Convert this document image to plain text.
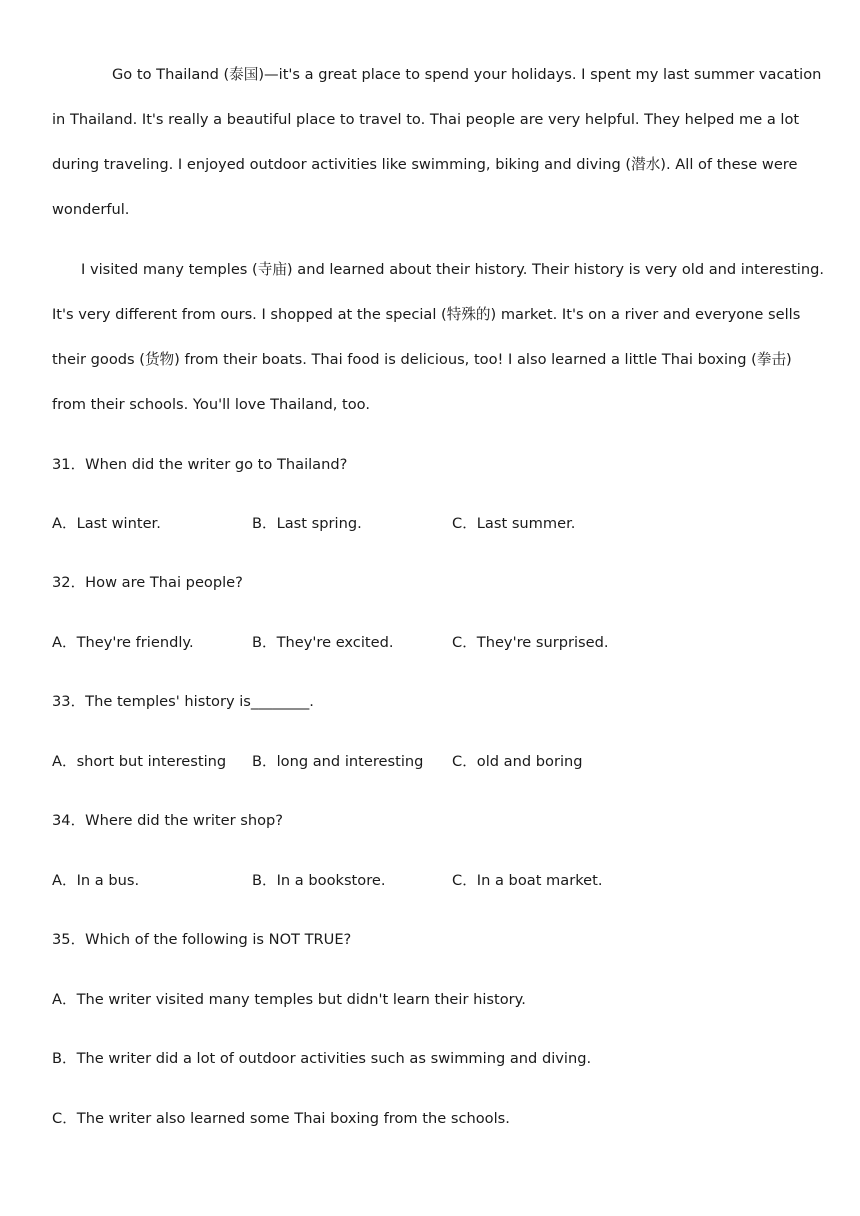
Go to Thailand (泰国)—it's a great place to spend your holidays. I spent my last summer vacation
in Thailand. It's really a beautiful place to travel to. Thai people are very helpful. They helped me a lot
during traveling. I enjoyed outdoor activities like swimming, biking and diving (潜水). All of these were
wonderful.
I visited many temples (寺庙) and learned about their history. Their history is very old and interesting.
It's very different from ours. I shopped at the special (特殊的) market. It's on a river and everyone sells
their goods (货物) from their boats. Thai food is delicious, too! I also learned a little Thai boxing (拳击)
from their schools. You'll love Thailand, too.
31．When did the writer go to Thailand?
A．Last winter.	B．Last spring.	C．Last summer.
32．How are Thai people?
A．They're friendly.	B．They're excited.	C．They're surprised.
33．The temples' history is________.
A．short but interesting B．long and interesting C．old and boring
34．Where did the writer shop?
A．In a bus.	B．In a bookstore.	C．In a boat market.
35．Which of the following is NOT TRUE?
A．The writer visited many temples but didn't learn their history.
B．The writer did a lot of outdoor activities such as swimming and diving.
C．The writer also learned some Thai boxing from the schools.
